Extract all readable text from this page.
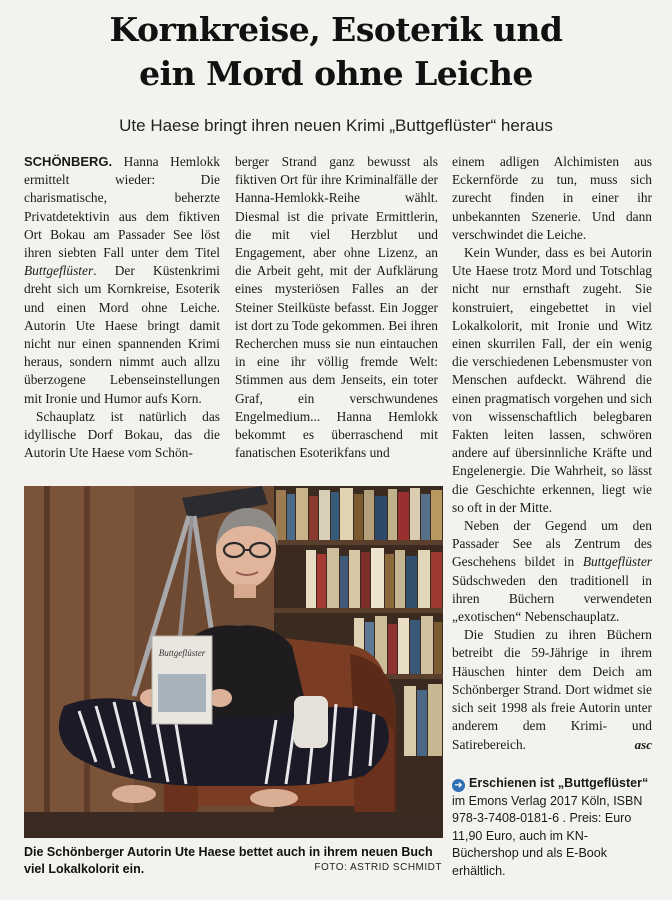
Kornkreise, Esoterik und
ein Mord ohne Leiche
Ute Haese bringt ihren neuen Krimi „Buttgeflüster“ heraus

SCHÖNBERG. Hanna Hemlokk ermittelt wieder: Die charismatische, beherzte Privatdetektivin aus dem fiktiven Ort Bokau am Passader See löst ihren siebten Fall unter dem Titel Buttgeflüster. Der Küstenkrimi dreht sich um Kornkreise, Esoterik und einen Mord ohne Leiche. Autorin Ute Haese bringt damit nicht nur einen spannenden Krimi heraus, sondern nimmt auch allzu überzogene Lebenseinstellungen mit Ironie und Humor aufs Korn.

Schauplatz ist natürlich das idyllische Dorf Bokau, das die Autorin Ute Haese vom Schön-

berger Strand ganz bewusst als fiktiven Ort für ihre Kriminalfälle der Hanna-Hemlokk-Reihe wählt. Diesmal ist die private Ermittlerin, die mit viel Herzblut und Engagement, aber ohne Lizenz, an die Arbeit geht, mit der Aufklärung eines mysteriösen Falles an der Steiner Steilküste befasst. Ein Jogger ist dort zu Tode gekommen. Bei ihren Recherchen muss sie nun eintauchen in eine ihr völlig fremde Welt: Stimmen aus dem Jenseits, ein toter Graf, ein verschwundenes Engelmedium... Hanna Hemlokk bekommt es überraschend mit fanatischen Esoterikfans und

einem adligen Alchimisten aus Eckernförde zu tun, muss sich zurecht finden in einer ihr unbekannten Szenerie. Und dann verschwindet die Leiche.

Kein Wunder, dass es bei Autorin Ute Haese trotz Mord und Totschlag nicht nur ernsthaft zugeht. Sie konstruiert, eingebettet in viel Lokalkolorit, mit Ironie und Witz einen skurrilen Fall, der ein wenig die verschiedenen Lebensmuster von Menschen aufdeckt. Während die einen pragmatisch vorgehen und sich von wissenschaftlich belegbaren Fakten leiten lassen, schwören andere auf übersinnliche Kräfte und Engelenergie. Die Wahrheit, so lässt die Geschichte erkennen, liegt wie so oft in der Mitte.

Neben der Gegend um den Passader See als Zentrum des Geschehens bildet in Buttgeflüster Südschweden den traditionell in ihren Büchern verwendeten „exotischen“ Nebenschauplatz.

Die Studien zu ihren Büchern betreibt die 59-Jährige in ihrem Häuschen hinter dem Deich am Schönberger Strand. Dort widmet sie sich seit 1998 als freie Autorin unter anderem dem Krimi- und Satirebereich.	asc
Buttgeflüster
Die Schönberger Autorin Ute Haese bettet auch in ihrem neuen Buch viel Lokalkolorit ein.	FOTO: ASTRID SCHMIDT
➜ Erschienen ist „Buttgeflüster“ im Emons Verlag 2017 Köln, ISBN 978-3-7408-0181-6 . Preis: Euro 11,90 Euro, auch im KN-Büchershop und als E-Book erhältlich.
